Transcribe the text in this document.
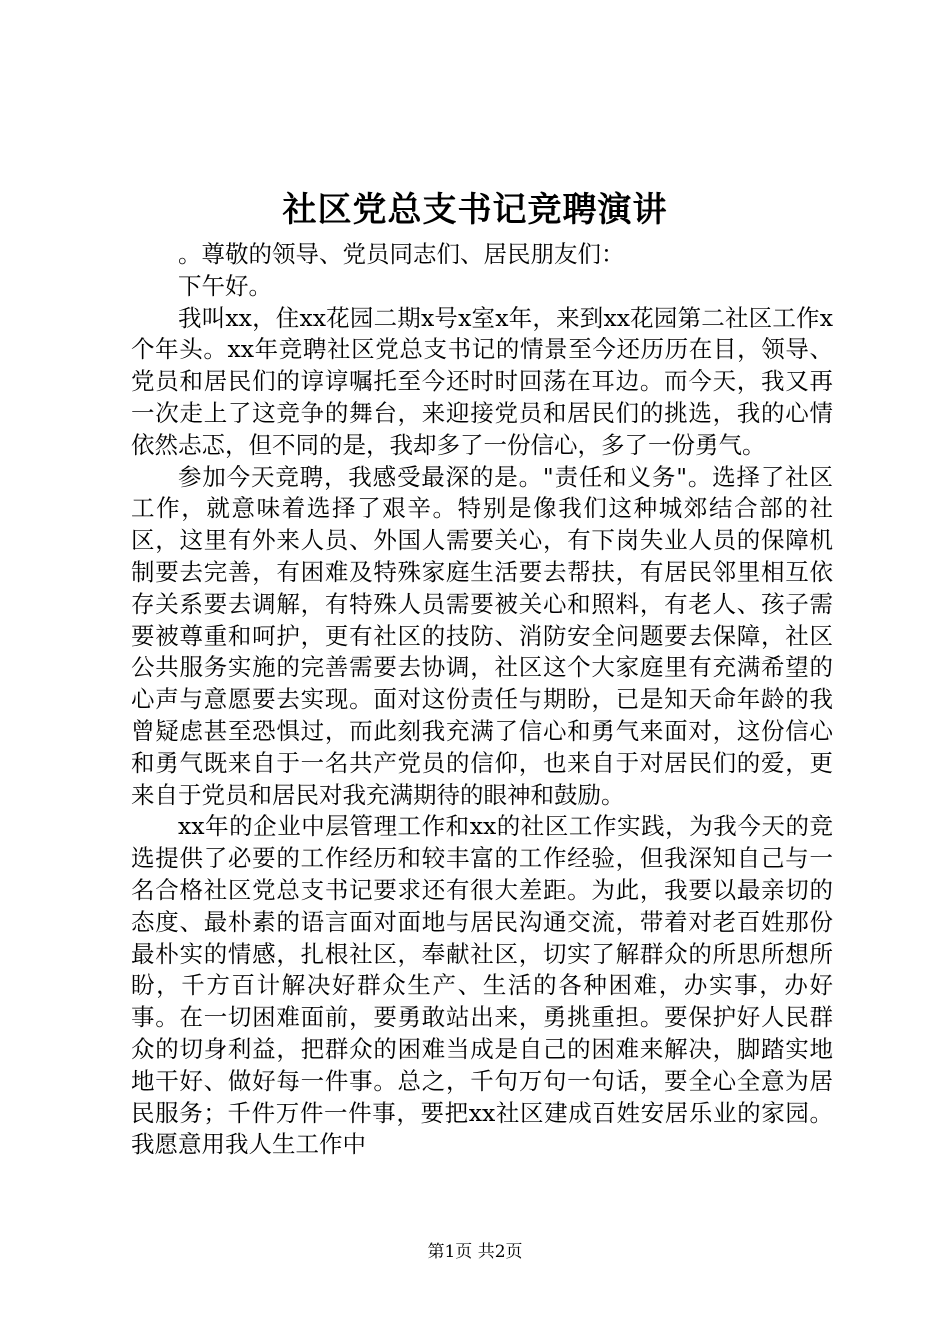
社区党总支书记竞聘演讲

。尊敬的领导、党员同志们、居民朋友们：

下午好。

我叫xx，住xx花园二期x号x室x年，来到xx花园第二社区工作x个年头。xx年竞聘社区党总支书记的情景至今还历历在目，领导、党员和居民们的谆谆嘱托至今还时时回荡在耳边。而今天，我又再一次走上了这竞争的舞台，来迎接党员和居民们的挑选，我的心情依然忐忑，但不同的是，我却多了一份信心，多了一份勇气。

参加今天竞聘，我感受最深的是。"责任和义务"。选择了社区工作，就意味着选择了艰辛。特别是像我们这种城郊结合部的社区，这里有外来人员、外国人需要关心，有下岗失业人员的保障机制要去完善，有困难及特殊家庭生活要去帮扶，有居民邻里相互依存关系要去调解，有特殊人员需要被关心和照料，有老人、孩子需要被尊重和呵护，更有社区的技防、消防安全问题要去保障，社区公共服务实施的完善需要去协调，社区这个大家庭里有充满希望的心声与意愿要去实现。面对这份责任与期盼，已是知天命年龄的我曾疑虑甚至恐惧过，而此刻我充满了信心和勇气来面对，这份信心和勇气既来自于一名共产党员的信仰，也来自于对居民们的爱，更来自于党员和居民对我充满期待的眼神和鼓励。

xx年的企业中层管理工作和xx的社区工作实践，为我今天的竞选提供了必要的工作经历和较丰富的工作经验，但我深知自己与一名合格社区党总支书记要求还有很大差距。为此，我要以最亲切的态度、最朴素的语言面对面地与居民沟通交流，带着对老百姓那份最朴实的情感，扎根社区，奉献社区，切实了解群众的所思所想所盼，千方百计解决好群众生产、生活的各种困难，办实事，办好事。在一切困难面前，要勇敢站出来，勇挑重担。要保护好人民群众的切身利益，把群众的困难当成是自己的困难来解决，脚踏实地地干好、做好每一件事。总之，千句万句一句话，要全心全意为居民服务；千件万件一件事，要把xx社区建成百姓安居乐业的家园。我愿意用我人生工作中

第1页 共2页
